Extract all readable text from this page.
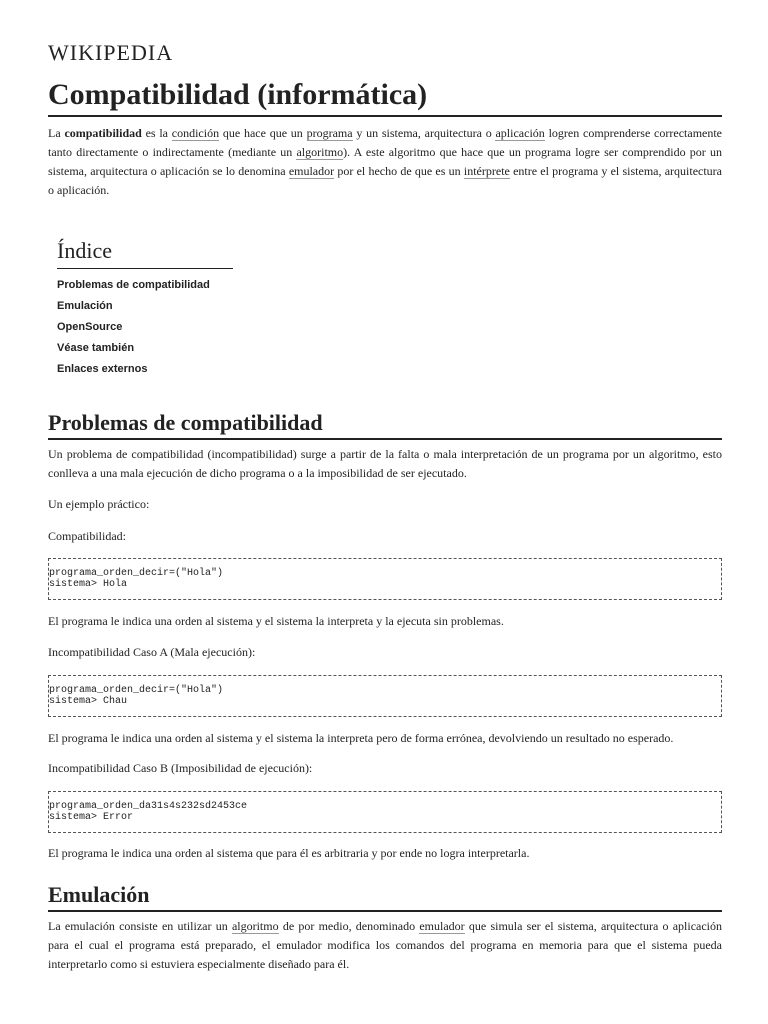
WIKIPEDIA
Compatibilidad (informática)

La compatibilidad es la condición que hace que un programa y un sistema, arquitectura o aplicación logren comprenderse correctamente tanto directamente o indirectamente (mediante un algoritmo). A este algoritmo que hace que un programa logre ser comprendido por un sistema, arquitectura o aplicación se lo denomina emulador por el hecho de que es un intérprete entre el programa y el sistema, arquitectura o aplicación.

Índice
Problemas de compatibilidad
Emulación
OpenSource
Véase también
Enlaces externos
Problemas de compatibilidad

Un problema de compatibilidad (incompatibilidad) surge a partir de la falta o mala interpretación de un programa por un algoritmo, esto conlleva a una mala ejecución de dicho programa o a la imposibilidad de ser ejecutado.

Un ejemplo práctico:

Compatibilidad:

programa_orden_decir=("Hola")
sistema> Hola

El programa le indica una orden al sistema y el sistema la interpreta y la ejecuta sin problemas.

Incompatibilidad Caso A (Mala ejecución):

programa_orden_decir=("Hola")
sistema> Chau

El programa le indica una orden al sistema y el sistema la interpreta pero de forma errónea, devolviendo un resultado no esperado.

Incompatibilidad Caso B (Imposibilidad de ejecución):

programa_orden_da31s4s232sd2453ce
sistema> Error

El programa le indica una orden al sistema que para él es arbitraria y por ende no logra interpretarla.

Emulación

La emulación consiste en utilizar un algoritmo de por medio, denominado emulador que simula ser el sistema, arquitectura o aplicación para el cual el programa está preparado, el emulador modifica los comandos del programa en memoria para que el sistema pueda interpretarlo como si estuviera especialmente diseñado para él.
